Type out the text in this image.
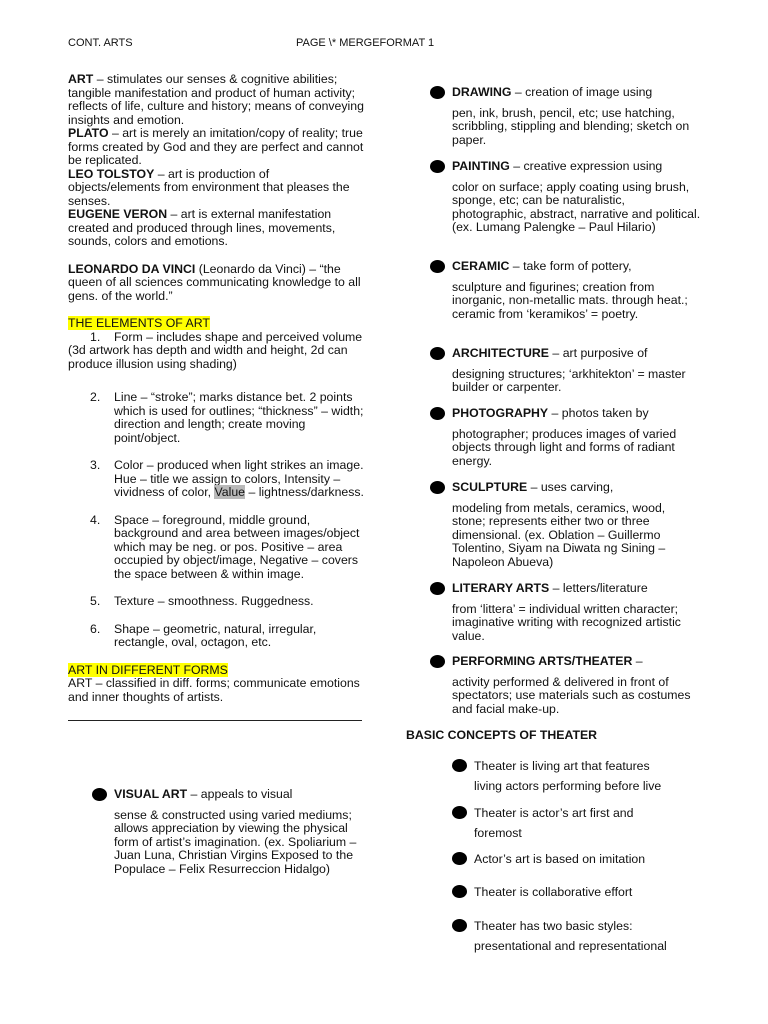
CONT. ARTS	PAGE \* MERGEFORMAT 1

ART – stimulates our senses & cognitive abilities; tangible manifestation and product of human activity; reflects of life, culture and history; means of conveying insights and emotion.

PLATO – art is merely an imitation/copy of reality; true forms created by God and they are perfect and cannot be replicated.

LEO TOLSTOY – art is production of objects/elements from environment that pleases the senses.

EUGENE VERON – art is external manifestation created and produced through lines, movements, sounds, colors and emotions.

LEONARDO DA VINCI (Leonardo da Vinci) – “the queen of all sciences communicating knowledge to all gens. of the world.”

THE ELEMENTS OF ART

1. Form – includes shape and perceived volume

(3d artwork has depth and width and height, 2d can produce illusion using shading)

2. Line – “stroke”; marks distance bet. 2 points which is used for outlines; “thickness” – width; direction and length; create moving point/object.
3. Color – produced when light strikes an image. Hue – title we assign to colors, Intensity – vividness of color, Value – lightness/darkness.
4. Space – foreground, middle ground, background and area between images/object which may be neg. or pos. Positive – area occupied by object/image, Negative – covers the space between & within image.
5. Texture – smoothness. Ruggedness.
6. Shape – geometric, natural, irregular, rectangle, oval, octagon, etc.

ART IN DIFFERENT FORMS

ART – classified in diff. forms; communicate emotions and inner thoughts of artists.

VISUAL ART – appeals to visual

sense & constructed using varied mediums; allows appreciation by viewing the physical form of artist’s imagination. (ex. Spoliarium – Juan Luna, Christian Virgins Exposed to the Populace – Felix Resurreccion Hidalgo)

DRAWING – creation of image using

pen, ink, brush, pencil, etc; use hatching, scribbling, stippling and blending; sketch on paper.

PAINTING – creative expression using

color on surface; apply coating using brush, sponge, etc; can be naturalistic, photographic, abstract, narrative and political. (ex. Lumang Palengke – Paul Hilario)

CERAMIC – take form of pottery,

sculpture and figurines; creation from inorganic, non-metallic mats. through heat.; ceramic from ‘keramikos’ = poetry.

ARCHITECTURE – art purposive of

designing structures; ‘arkhitekton’ = master builder or carpenter.

PHOTOGRAPHY – photos taken by

photographer; produces images of varied objects through light and forms of radiant energy.

SCULPTURE – uses carving,

modeling from metals, ceramics, wood, stone; represents either two or three dimensional. (ex. Oblation – Guillermo Tolentino, Siyam na Diwata ng Sining – Napoleon Abueva)

LITERARY ARTS – letters/literature

from ‘littera’ = individual written character; imaginative writing with recognized artistic value.

PERFORMING ARTS/THEATER –

activity performed & delivered in front of spectators; use materials such as costumes and facial make-up.

BASIC CONCEPTS OF THEATER

Theater is living art that features

living actors performing before live

Theater is actor’s art first and

foremost

Actor’s art is based on imitation

Theater is collaborative effort

Theater has two basic styles:

presentational and representational
